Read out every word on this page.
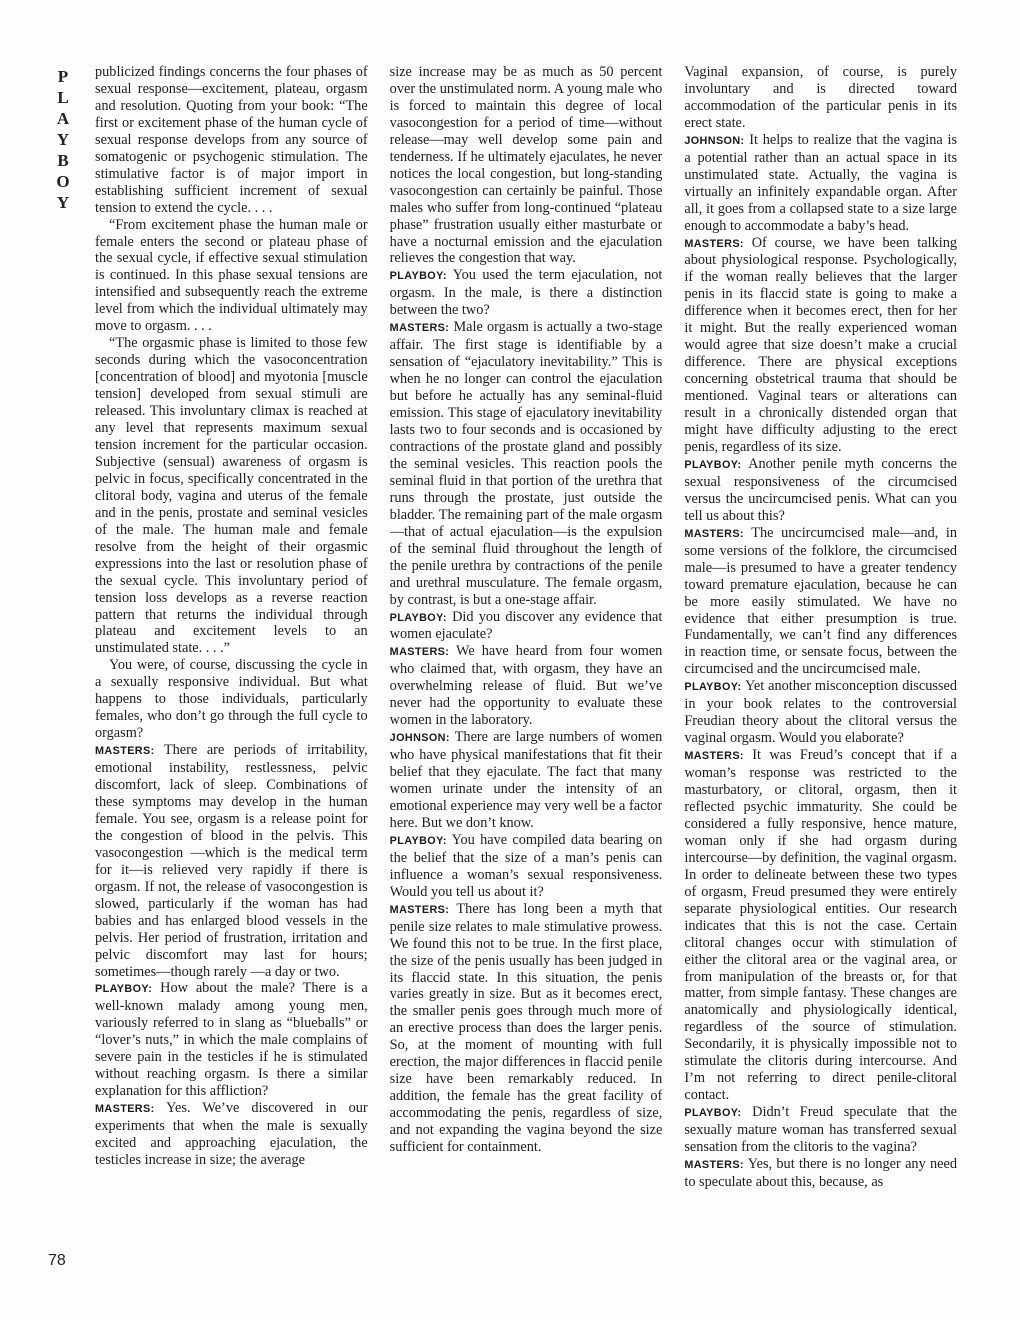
P
L
A
Y
B
O
Y
78

publicized findings concerns the four phases of sexual response—excitement, plateau, orgasm and resolution. Quoting from your book: “The first or excitement phase of the human cycle of sexual response develops from any source of somatogenic or psychogenic stimulation. The stimulative factor is of major import in establishing sufficient increment of sexual tension to extend the cycle. . . .

“From excitement phase the human male or female enters the second or plateau phase of the sexual cycle, if effective sexual stimulation is continued. In this phase sexual tensions are intensified and subsequently reach the extreme level from which the individual ultimately may move to orgasm. . . .

“The orgasmic phase is limited to those few seconds during which the vasoconcentration [concentration of blood] and myotonia [muscle tension] developed from sexual stimuli are released. This involuntary climax is reached at any level that represents maximum sexual tension increment for the particular occasion. Subjective (sensual) awareness of orgasm is pelvic in focus, specifically concentrated in the clitoral body, vagina and uterus of the female and in the penis, prostate and seminal vesicles of the male. The human male and female resolve from the height of their orgasmic expressions into the last or resolution phase of the sexual cycle. This involuntary period of tension loss develops as a reverse reaction pattern that returns the individual through plateau and excitement levels to an unstimulated state. . . .”

You were, of course, discussing the cycle in a sexually responsive individual. But what happens to those individuals, particularly females, who don’t go through the full cycle to orgasm?

MASTERS: There are periods of irritability, emotional instability, restlessness, pelvic discomfort, lack of sleep. Combinations of these symptoms may develop in the human female. You see, orgasm is a release point for the congestion of blood in the pelvis. This vasocongestion —which is the medical term for it—is relieved very rapidly if there is orgasm. If not, the release of vasocongestion is slowed, particularly if the woman has had babies and has enlarged blood vessels in the pelvis. Her period of frustration, irritation and pelvic discomfort may last for hours; sometimes—though rarely —a day or two.

PLAYBOY: How about the male? There is a well-known malady among young men, variously referred to in slang as “blueballs” or “lover’s nuts,” in which the male complains of severe pain in the testicles if he is stimulated without reaching orgasm. Is there a similar explanation for this affliction?

MASTERS: Yes. We’ve discovered in our experiments that when the male is sexually excited and approaching ejaculation, the testicles increase in size; the average

size increase may be as much as 50 percent over the unstimulated norm. A young male who is forced to maintain this degree of local vasocongestion for a period of time—without release—may well develop some pain and tenderness. If he ultimately ejaculates, he never notices the local congestion, but long-standing vasocongestion can certainly be painful. Those males who suffer from long-continued “plateau phase” frustration usually either masturbate or have a nocturnal emission and the ejaculation relieves the congestion that way.

PLAYBOY: You used the term ejaculation, not orgasm. In the male, is there a distinction between the two?

MASTERS: Male orgasm is actually a two-stage affair. The first stage is identifiable by a sensation of “ejaculatory inevitability.” This is when he no longer can control the ejaculation but before he actually has any seminal-fluid emission. This stage of ejaculatory inevitability lasts two to four seconds and is occasioned by contractions of the prostate gland and possibly the seminal vesicles. This reaction pools the seminal fluid in that portion of the urethra that runs through the prostate, just outside the bladder. The remaining part of the male orgasm—that of actual ejaculation—is the expulsion of the seminal fluid throughout the length of the penile urethra by contractions of the penile and urethral musculature. The female orgasm, by contrast, is but a one-stage affair.

PLAYBOY: Did you discover any evidence that women ejaculate?

MASTERS: We have heard from four women who claimed that, with orgasm, they have an overwhelming release of fluid. But we’ve never had the opportunity to evaluate these women in the laboratory.

JOHNSON: There are large numbers of women who have physical manifestations that fit their belief that they ejaculate. The fact that many women urinate under the intensity of an emotional experience may very well be a factor here. But we don’t know.

PLAYBOY: You have compiled data bearing on the belief that the size of a man’s penis can influence a woman’s sexual responsiveness. Would you tell us about it?

MASTERS: There has long been a myth that penile size relates to male stimulative prowess. We found this not to be true. In the first place, the size of the penis usually has been judged in its flaccid state. In this situation, the penis varies greatly in size. But as it becomes erect, the smaller penis goes through much more of an erective process than does the larger penis. So, at the moment of mounting with full erection, the major differences in flaccid penile size have been remarkably reduced. In addition, the female has the great facility of accommodating the penis, regardless of size, and not expanding the vagina beyond the size sufficient for containment.

Vaginal expansion, of course, is purely involuntary and is directed toward accommodation of the particular penis in its erect state.

JOHNSON: It helps to realize that the vagina is a potential rather than an actual space in its unstimulated state. Actually, the vagina is virtually an infinitely expandable organ. After all, it goes from a collapsed state to a size large enough to accommodate a baby’s head.

MASTERS: Of course, we have been talking about physiological response. Psychologically, if the woman really believes that the larger penis in its flaccid state is going to make a difference when it becomes erect, then for her it might. But the really experienced woman would agree that size doesn’t make a crucial difference. There are physical exceptions concerning obstetrical trauma that should be mentioned. Vaginal tears or alterations can result in a chronically distended organ that might have difficulty adjusting to the erect penis, regardless of its size.

PLAYBOY: Another penile myth concerns the sexual responsiveness of the circumcised versus the uncircumcised penis. What can you tell us about this?

MASTERS: The uncircumcised male—and, in some versions of the folklore, the circumcised male—is presumed to have a greater tendency toward premature ejaculation, because he can be more easily stimulated. We have no evidence that either presumption is true. Fundamentally, we can’t find any differences in reaction time, or sensate focus, between the circumcised and the uncircumcised male.

PLAYBOY: Yet another misconception discussed in your book relates to the controversial Freudian theory about the clitoral versus the vaginal orgasm. Would you elaborate?

MASTERS: It was Freud’s concept that if a woman’s response was restricted to the masturbatory, or clitoral, orgasm, then it reflected psychic immaturity. She could be considered a fully responsive, hence mature, woman only if she had orgasm during intercourse—by definition, the vaginal orgasm. In order to delineate between these two types of orgasm, Freud presumed they were entirely separate physiological entities. Our research indicates that this is not the case. Certain clitoral changes occur with stimulation of either the clitoral area or the vaginal area, or from manipulation of the breasts or, for that matter, from simple fantasy. These changes are anatomically and physiologically identical, regardless of the source of stimulation. Secondarily, it is physically impossible not to stimulate the clitoris during intercourse. And I’m not referring to direct penile-clitoral contact.

PLAYBOY: Didn’t Freud speculate that the sexually mature woman has transferred sexual sensation from the clitoris to the vagina?

MASTERS: Yes, but there is no longer any need to speculate about this, because, as
